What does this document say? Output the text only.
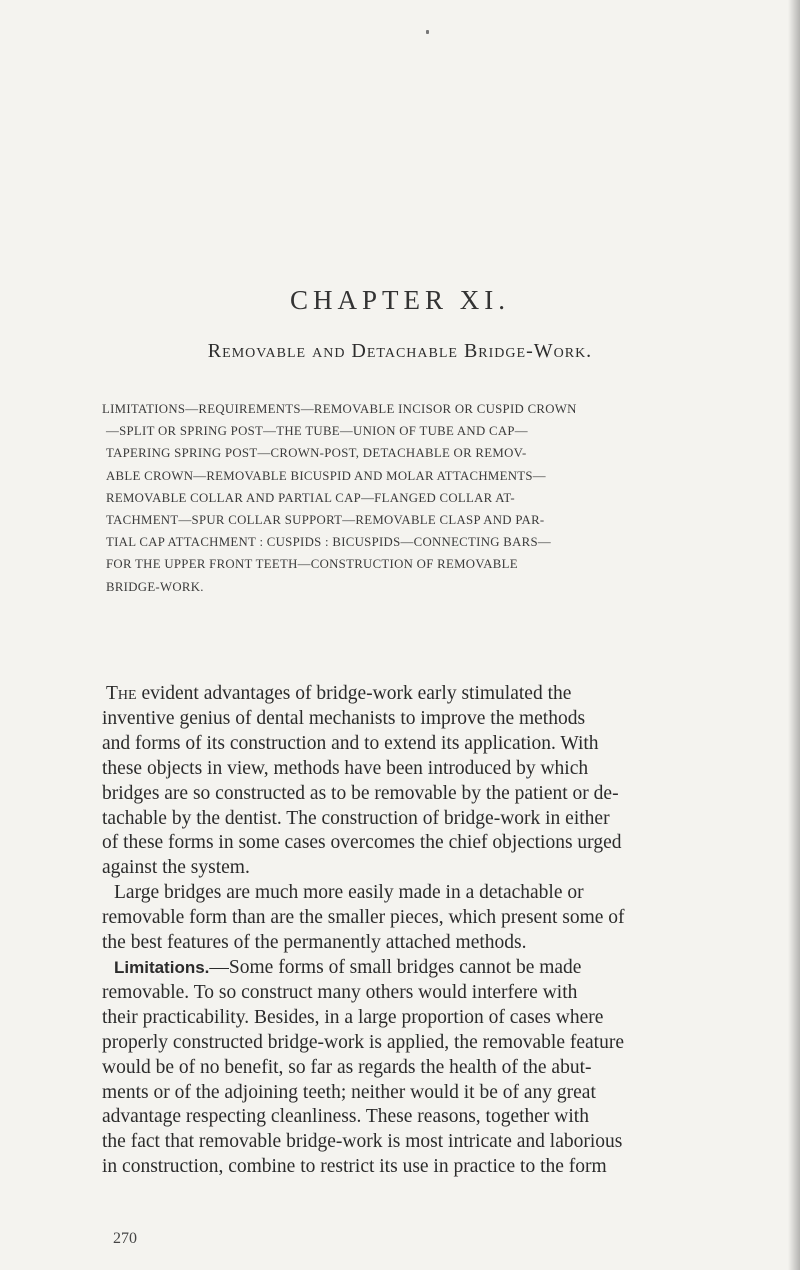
CHAPTER XI.
Removable and Detachable Bridge-Work.
LIMITATIONS—REQUIREMENTS—REMOVABLE INCISOR OR CUSPID CROWN
—SPLIT OR SPRING POST—THE TUBE—UNION OF TUBE AND CAP—
TAPERING SPRING POST—CROWN-POST, DETACHABLE OR REMOV-
ABLE CROWN—REMOVABLE BICUSPID AND MOLAR ATTACHMENTS—
REMOVABLE COLLAR AND PARTIAL CAP—FLANGED COLLAR AT-
TACHMENT—SPUR COLLAR SUPPORT—REMOVABLE CLASP AND PAR-
TIAL CAP ATTACHMENT : CUSPIDS : BICUSPIDS—CONNECTING BARS—
FOR THE UPPER FRONT TEETH—CONSTRUCTION OF REMOVABLE
BRIDGE-WORK.
The evident advantages of bridge-work early stimulated the
inventive genius of dental mechanists to improve the methods
and forms of its construction and to extend its application. With
these objects in view, methods have been introduced by which
bridges are so constructed as to be removable by the patient or de-
tachable by the dentist. The construction of bridge-work in either
of these forms in some cases overcomes the chief objections urged
against the system.
Large bridges are much more easily made in a detachable or
removable form than are the smaller pieces, which present some of
the best features of the permanently attached methods.
Limitations.—Some forms of small bridges cannot be made
removable. To so construct many others would interfere with
their practicability. Besides, in a large proportion of cases where
properly constructed bridge-work is applied, the removable feature
would be of no benefit, so far as regards the health of the abut-
ments or of the adjoining teeth; neither would it be of any great
advantage respecting cleanliness. These reasons, together with
the fact that removable bridge-work is most intricate and laborious
in construction, combine to restrict its use in practice to the form
270
